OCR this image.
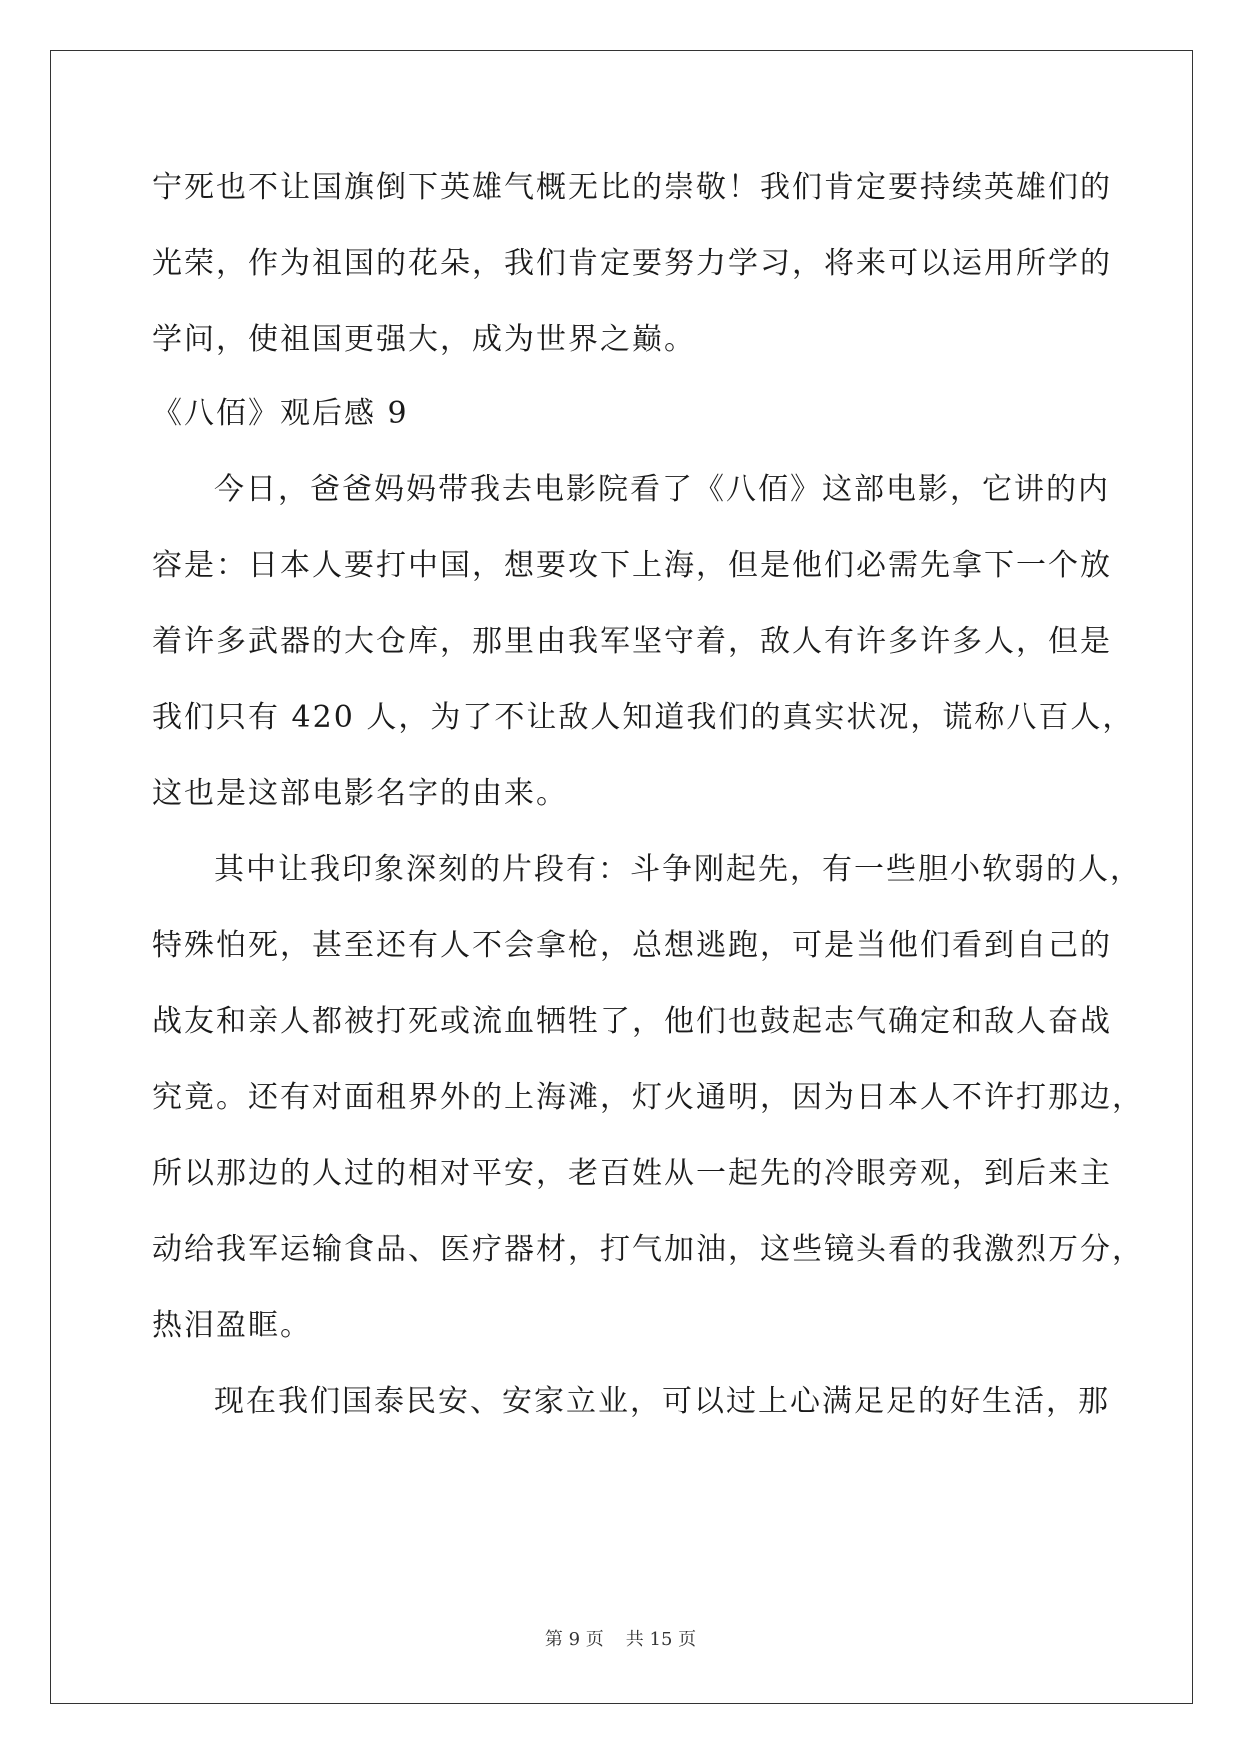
宁死也不让国旗倒下英雄气概无比的崇敬！我们肯定要持续英雄们的
光荣，作为祖国的花朵，我们肯定要努力学习，将来可以运用所学的
学问，使祖国更强大，成为世界之巅。
《八佰》观后感 9
今日，爸爸妈妈带我去电影院看了《八佰》这部电影，它讲的内
容是：日本人要打中国，想要攻下上海，但是他们必需先拿下一个放
着许多武器的大仓库，那里由我军坚守着，敌人有许多许多人，但是
我们只有 420 人，为了不让敌人知道我们的真实状况，谎称八百人，
这也是这部电影名字的由来。
其中让我印象深刻的片段有：斗争刚起先，有一些胆小软弱的人，
特殊怕死，甚至还有人不会拿枪，总想逃跑，可是当他们看到自己的
战友和亲人都被打死或流血牺牲了，他们也鼓起志气确定和敌人奋战
究竟。还有对面租界外的上海滩，灯火通明，因为日本人不许打那边，
所以那边的人过的相对平安，老百姓从一起先的冷眼旁观，到后来主
动给我军运输食品、医疗器材，打气加油，这些镜头看的我激烈万分，
热泪盈眶。
现在我们国泰民安、安家立业，可以过上心满足足的好生活，那
第 9 页 共 15 页
